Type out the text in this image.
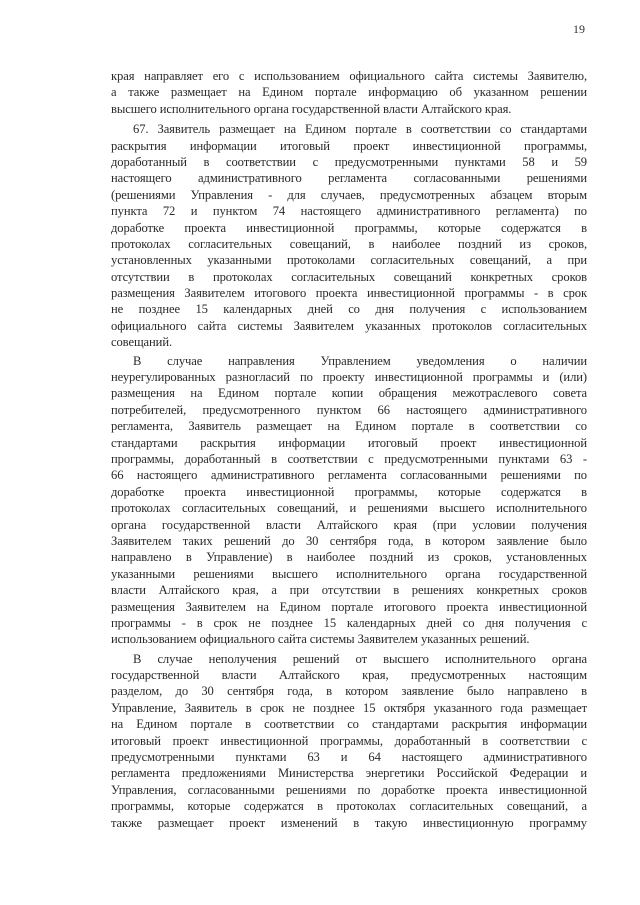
19
края направляет его с использованием официального сайта системы Заявителю,
а также размещает на Едином портале информацию об указанном решении
высшего исполнительного органа государственной власти Алтайского края.
67. Заявитель размещает на Едином портале в соответствии со стандартами
раскрытия информации итоговый проект инвестиционной программы,
доработанный в соответствии с предусмотренными пунктами 58 и 59
настоящего административного регламента согласованными решениями
(решениями Управления - для случаев, предусмотренных абзацем вторым
пункта 72 и пунктом 74 настоящего административного регламента) по
доработке проекта инвестиционной программы, которые содержатся в
протоколах согласительных совещаний, в наиболее поздний из сроков,
установленных указанными протоколами согласительных совещаний, а при
отсутствии в протоколах согласительных совещаний конкретных сроков
размещения Заявителем итогового проекта инвестиционной программы - в срок
не позднее 15 календарных дней со дня получения с использованием
официального сайта системы Заявителем указанных протоколов согласительных
совещаний.
В случае направления Управлением уведомления о наличии
неурегулированных разногласий по проекту инвестиционной программы и (или)
размещения на Едином портале копии обращения межотраслевого совета
потребителей, предусмотренного пунктом 66 настоящего административного
регламента, Заявитель размещает на Едином портале в соответствии со
стандартами раскрытия информации итоговый проект инвестиционной
программы, доработанный в соответствии с предусмотренными пунктами 63 -
66 настоящего административного регламента согласованными решениями по
доработке проекта инвестиционной программы, которые содержатся в
протоколах согласительных совещаний, и решениями высшего исполнительного
органа государственной власти Алтайского края (при условии получения
Заявителем таких решений до 30 сентября года, в котором заявление было
направлено в Управление) в наиболее поздний из сроков, установленных
указанными решениями высшего исполнительного органа государственной
власти Алтайского края, а при отсутствии в решениях конкретных сроков
размещения Заявителем на Едином портале итогового проекта инвестиционной
программы - в срок не позднее 15 календарных дней со дня получения с
использованием официального сайта системы Заявителем указанных решений.
В случае неполучения решений от высшего исполнительного органа
государственной власти Алтайского края, предусмотренных настоящим
разделом, до 30 сентября года, в котором заявление было направлено в
Управление, Заявитель в срок не позднее 15 октября указанного года размещает
на Едином портале в соответствии со стандартами раскрытия информации
итоговый проект инвестиционной программы, доработанный в соответствии с
предусмотренными пунктами 63 и 64 настоящего административного
регламента предложениями Министерства энергетики Российской Федерации и
Управления, согласованными решениями по доработке проекта инвестиционной
программы, которые содержатся в протоколах согласительных совещаний, а
также размещает проект изменений в такую инвестиционную программу
